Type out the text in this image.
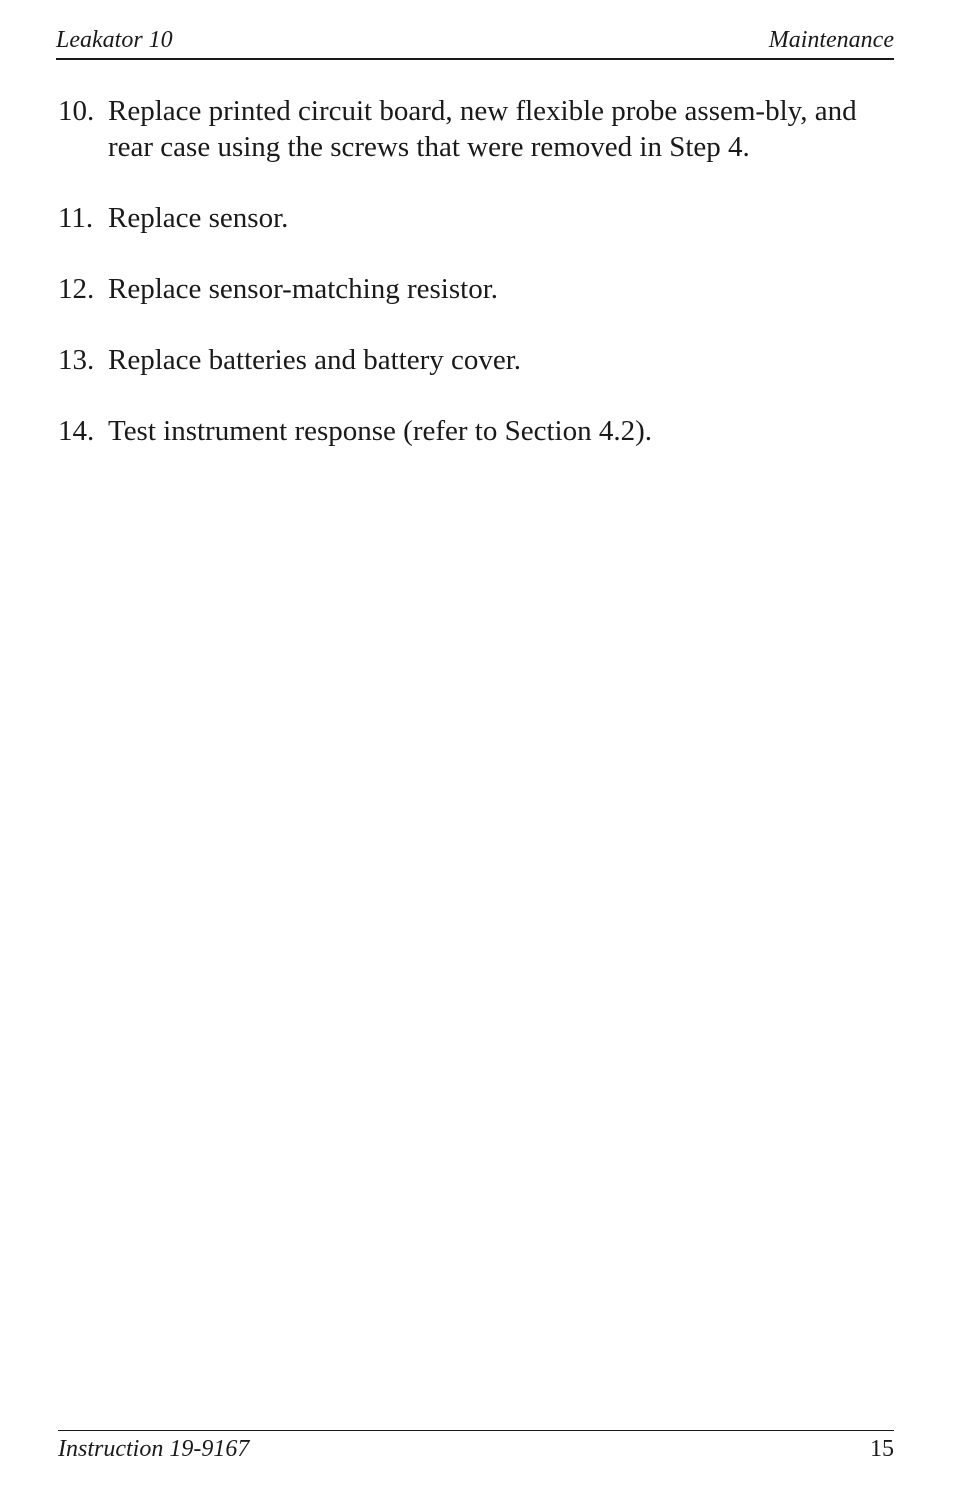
Leakator 10	Maintenance
10. Replace printed circuit board, new flexible probe assem-bly, and rear case using the screws that were removed in Step 4.
11. Replace sensor.
12. Replace sensor-matching resistor.
13. Replace batteries and battery cover.
14. Test instrument response (refer to Section 4.2).
Instruction 19-9167	15
